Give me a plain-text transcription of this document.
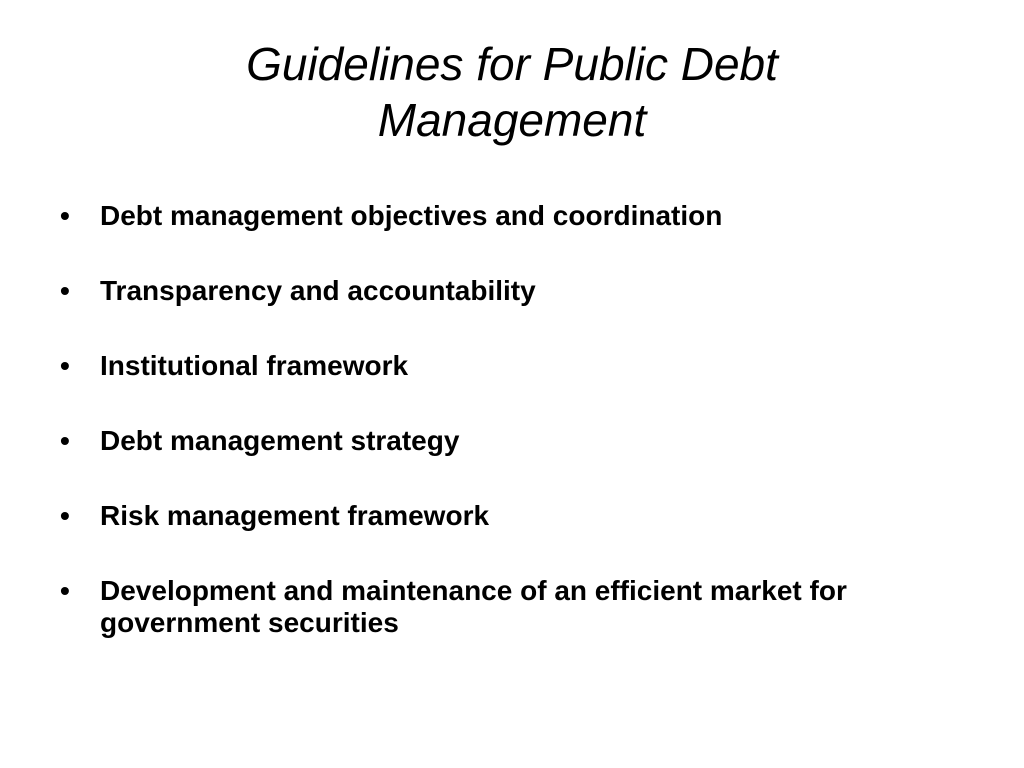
Guidelines for Public Debt
Management
•	Debt management objectives and coordination
•	Transparency and accountability
•	Institutional framework
•	Debt management strategy
•	Risk management framework
•	Development and maintenance of an efficient market for government securities
